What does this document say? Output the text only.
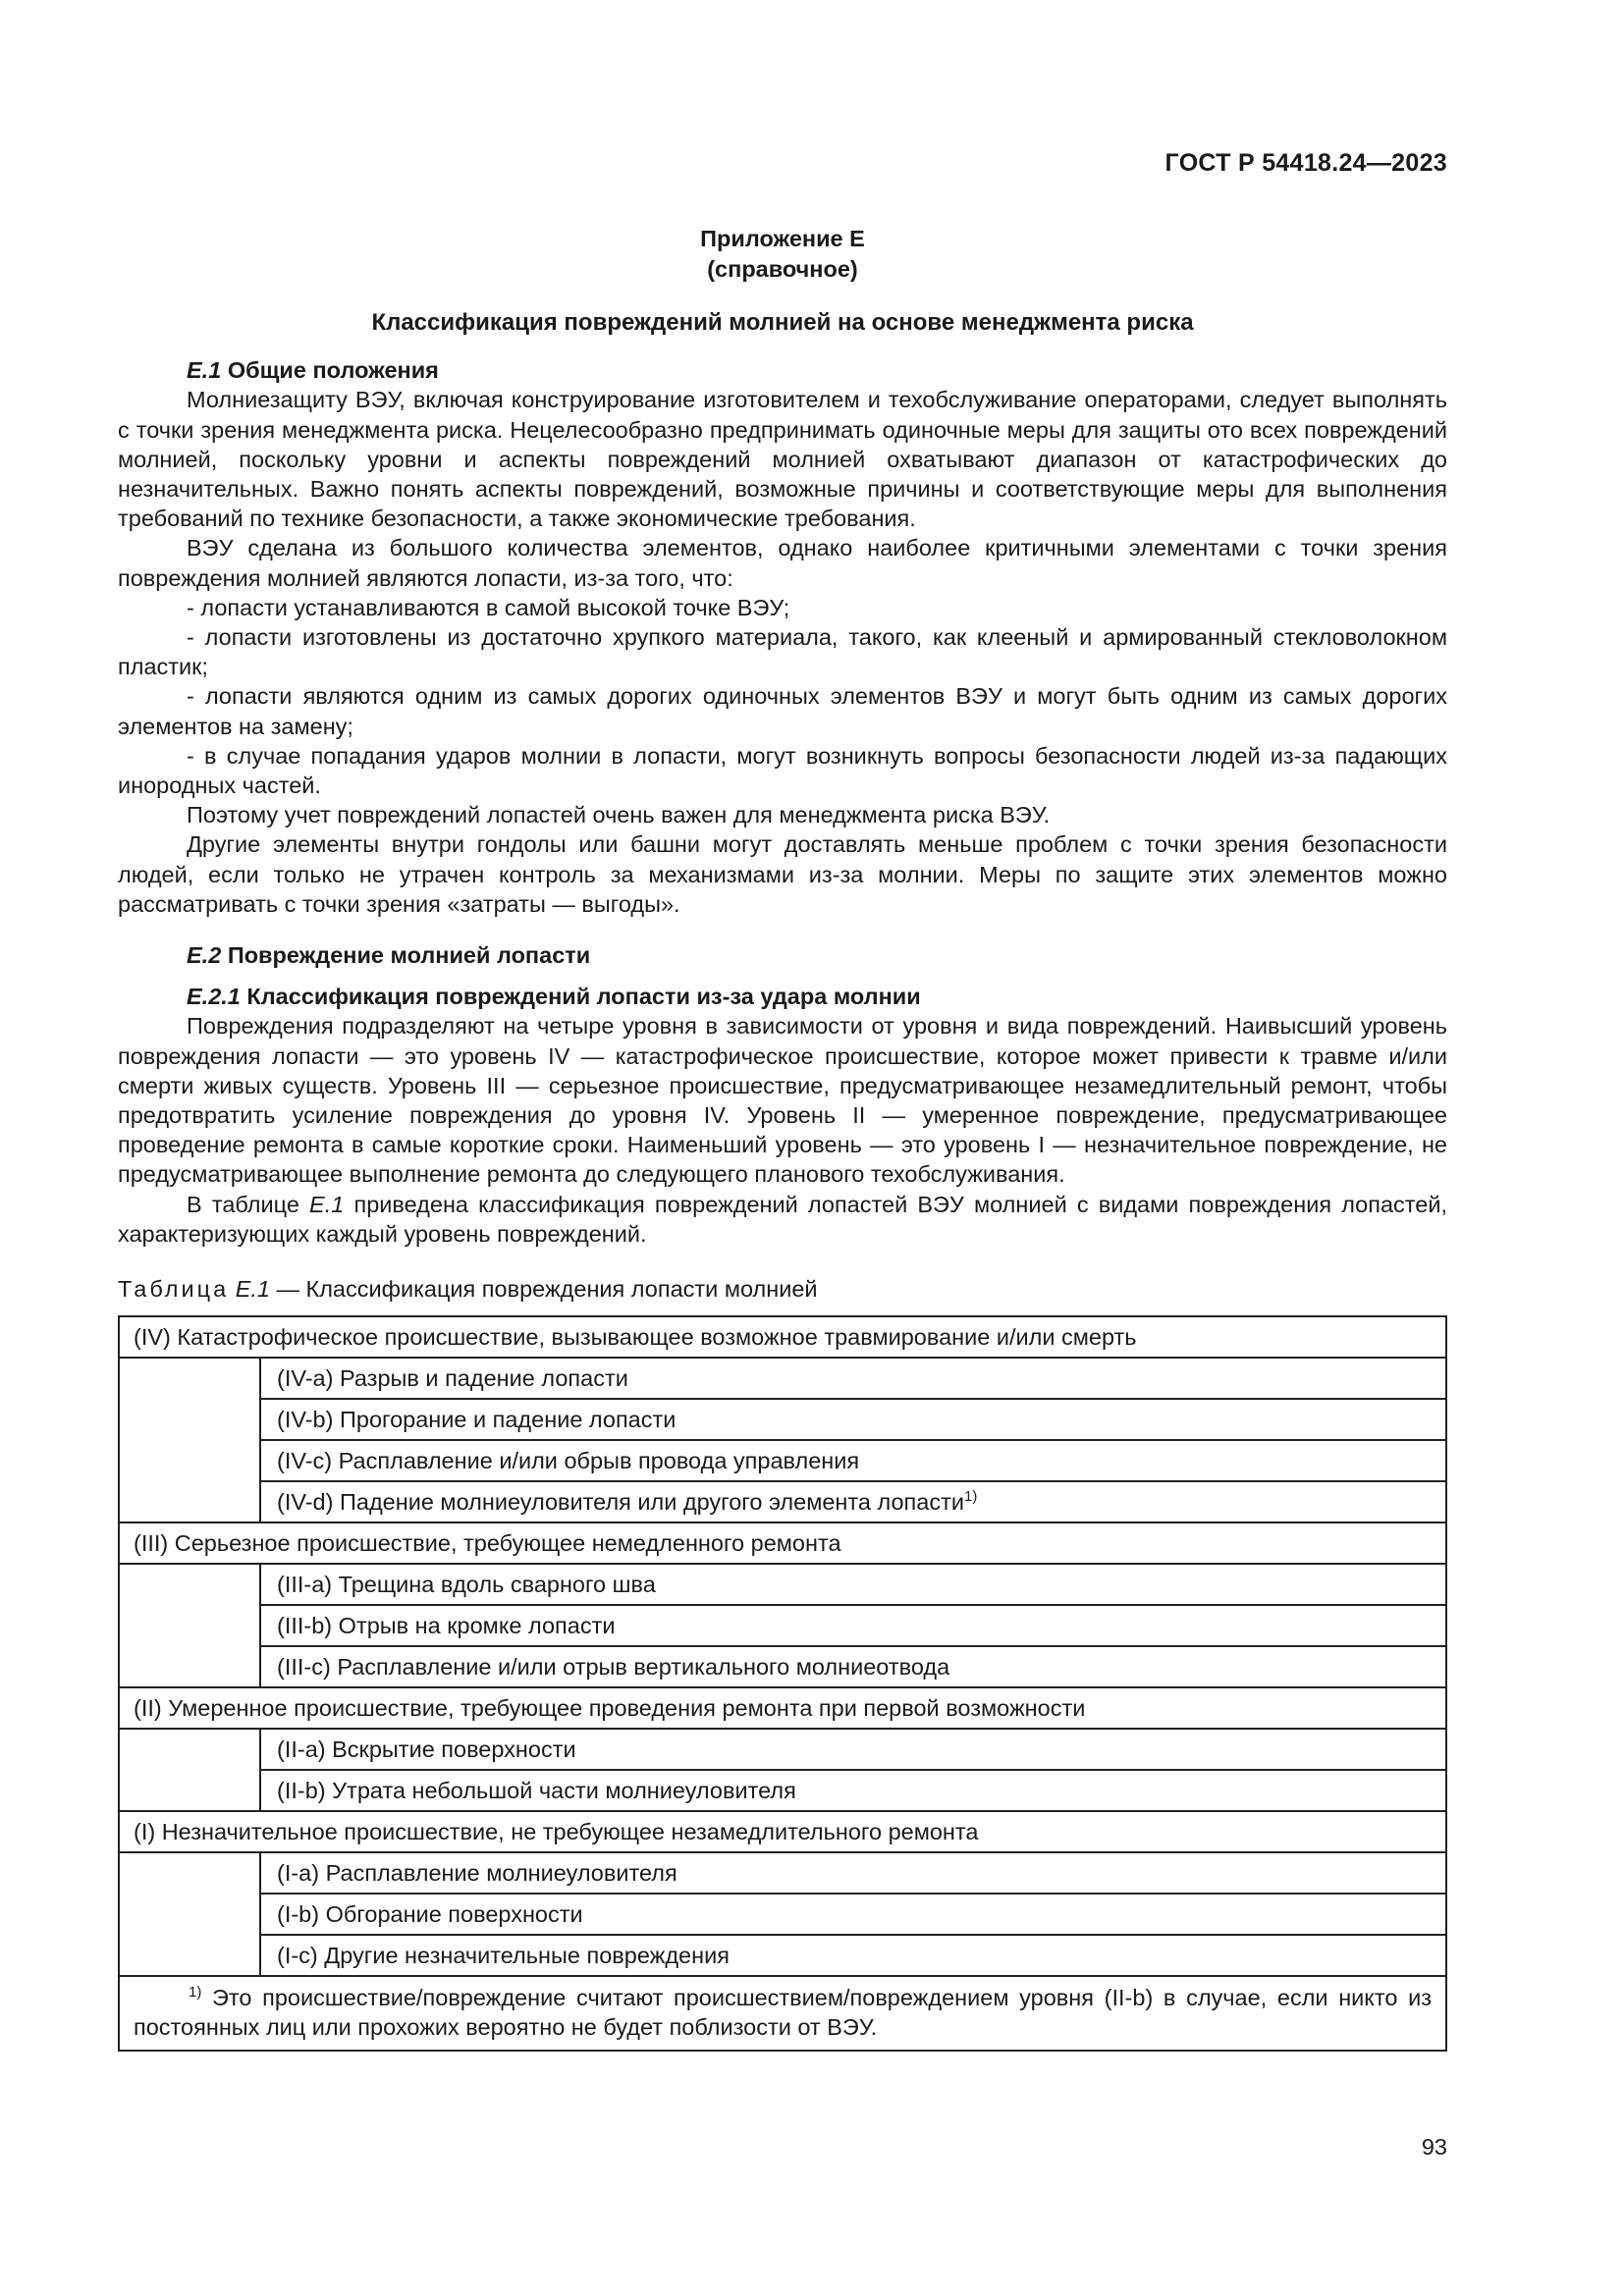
ГОСТ Р 54418.24—2023
Приложение Е
(справочное)
Классификация повреждений молнией на основе менеджмента риска
Е.1 Общие положения

Молниезащиту ВЭУ, включая конструирование изготовителем и техобслуживание операторами, следует выполнять с точки зрения менеджмента риска. Нецелесообразно предпринимать одиночные меры для защиты ото всех повреждений молнией, поскольку уровни и аспекты повреждений молнией охватывают диапазон от катастрофических до незначительных. Важно понять аспекты повреждений, возможные причины и соответствующие меры для выполнения требований по технике безопасности, а также экономические требования.

ВЭУ сделана из большого количества элементов, однако наиболее критичными элементами с точки зрения повреждения молнией являются лопасти, из-за того, что:

- лопасти устанавливаются в самой высокой точке ВЭУ;

- лопасти изготовлены из достаточно хрупкого материала, такого, как клееный и армированный стекловолокном пластик;

- лопасти являются одним из самых дорогих одиночных элементов ВЭУ и могут быть одним из самых дорогих элементов на замену;

- в случае попадания ударов молнии в лопасти, могут возникнуть вопросы безопасности людей из-за падающих инородных частей.

Поэтому учет повреждений лопастей очень важен для менеджмента риска ВЭУ.

Другие элементы внутри гондолы или башни могут доставлять меньше проблем с точки зрения безопасности людей, если только не утрачен контроль за механизмами из-за молнии. Меры по защите этих элементов можно рассматривать с точки зрения «затраты — выгоды».

Е.2 Повреждение молнией лопасти
Е.2.1 Классификация повреждений лопасти из-за удара молнии

Повреждения подразделяют на четыре уровня в зависимости от уровня и вида повреждений. Наивысший уровень повреждения лопасти — это уровень IV — катастрофическое происшествие, которое может привести к травме и/или смерти живых существ. Уровень III — серьезное происшествие, предусматривающее незамедлительный ремонт, чтобы предотвратить усиление повреждения до уровня IV. Уровень II — умеренное повреждение, предусматривающее проведение ремонта в самые короткие сроки. Наименьший уровень — это уровень I — незначительное повреждение, не предусматривающее выполнение ремонта до следующего планового техобслуживания.

В таблице Е.1 приведена классификация повреждений лопастей ВЭУ молнией с видами повреждения лопастей, характеризующих каждый уровень повреждений.

Таблица Е.1 — Классификация повреждения лопасти молнией
(IV) Катастрофическое происшествие, вызывающее возможное травмирование и/или смерть	
	(IV-a) Разрыв и падение лопасти
	(IV-b) Прогорание и падение лопасти
	(IV-c) Расплавление и/или обрыв провода управления
	(IV-d) Падение молниеуловителя или другого элемента лопасти$^{1)}$
(III) Серьезное происшествие, требующее немедленного ремонта	
	(III-a) Трещина вдоль сварного шва
	(III-b) Отрыв на кромке лопасти
	(III-c) Расплавление и/или отрыв вертикального молниеотвода
(II) Умеренное происшествие, требующее проведения ремонта при первой возможности	
	(II-a) Вскрытие поверхности
	(II-b) Утрата небольшой части молниеуловителя
(I) Незначительное происшествие, не требующее незамедлительного ремонта	
	(I-a) Расплавление молниеуловителя
	(I-b) Обгорание поверхности
	(I-c) Другие незначительные повреждения

$^{1)}$ Это происшествие/повреждение считают происшествием/повреждением уровня (II-b) в случае, если никто из постоянных лиц или прохожих вероятно не будет поблизости от ВЭУ.	
93
